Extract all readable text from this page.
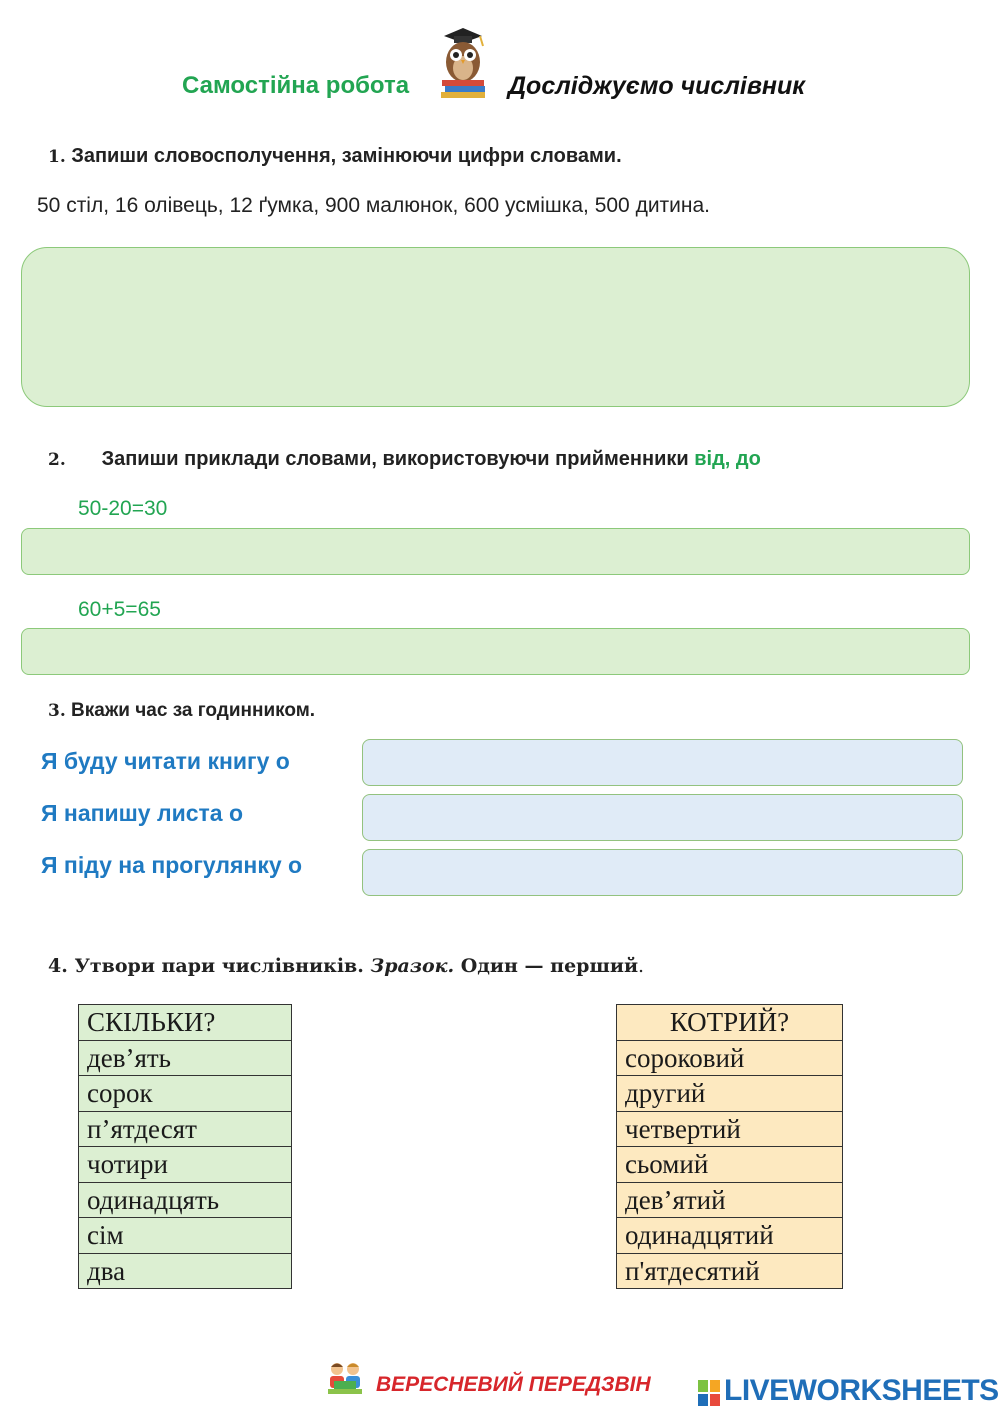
Самостійна робота	Досліджуємо числівник
1. Запиши словосполучення, замінюючи цифри словами.
50 стіл, 16 олівець, 12 ґумка, 900 малюнок, 600 усмішка, 500 дитина.
2. Запиши приклади словами, використовуючи прийменники від, до
50-20=30
60+5=65
3. Вкажи час за годинником.
Я буду читати книгу о
Я напишу листа о
Я піду на прогулянку о
4. Утвори пари числівників. Зразок. Один — перший.
СКІЛЬКИ?
дев’ять
сорок
п’ятдесят
чотири
одинадцять
сім
два
КОТРИЙ?
сороковий
другий
четвертий
сьомий
дев’ятий
одинадцятий
п'ятдесятий
ВЕРЕСНЕВИЙ ПЕРЕДЗВІН LIVEWORKSHEETS
